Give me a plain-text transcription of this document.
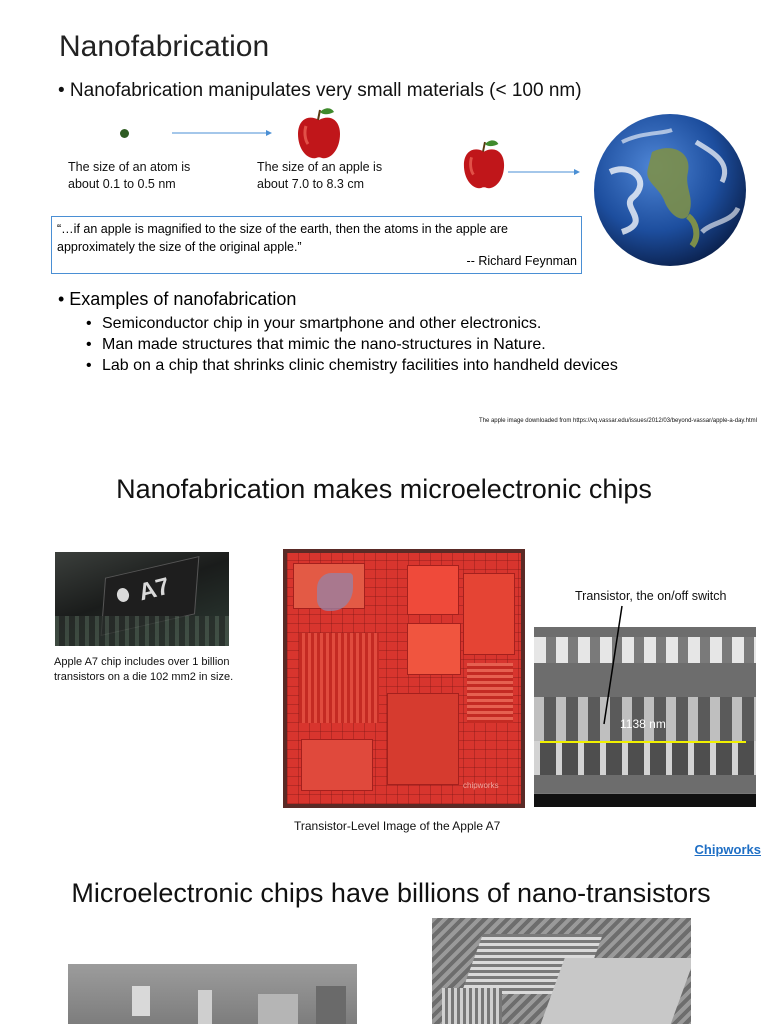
Nanofabrication
• Nanofabrication manipulates very small materials (< 100 nm)
The size of an atom is
about 0.1 to 0.5 nm
The size of an apple is
about 7.0 to 8.3 cm
“…if an apple is magnified to the size of the earth, then the atoms in the apple are
approximately the size of the original apple.”
-- Richard Feynman
• Examples of nanofabrication
• Semiconductor chip in your smartphone and other electronics.
• Man made structures that mimic the nano-structures in Nature.
• Lab on a chip that shrinks clinic chemistry facilities into handheld devices
The apple image downloaded from https://vq.vassar.edu/issues/2012/03/beyond-vassar/apple-a-day.html
Nanofabrication makes microelectronic chips
A7
Apple A7 chip includes over 1 billion
transistors on a die 102 mm2 in size.
chipworks
Transistor-Level Image of the Apple A7
Transistor, the on/off switch
1138 nm
Chipworks
Microelectronic chips have billions of nano-transistors
